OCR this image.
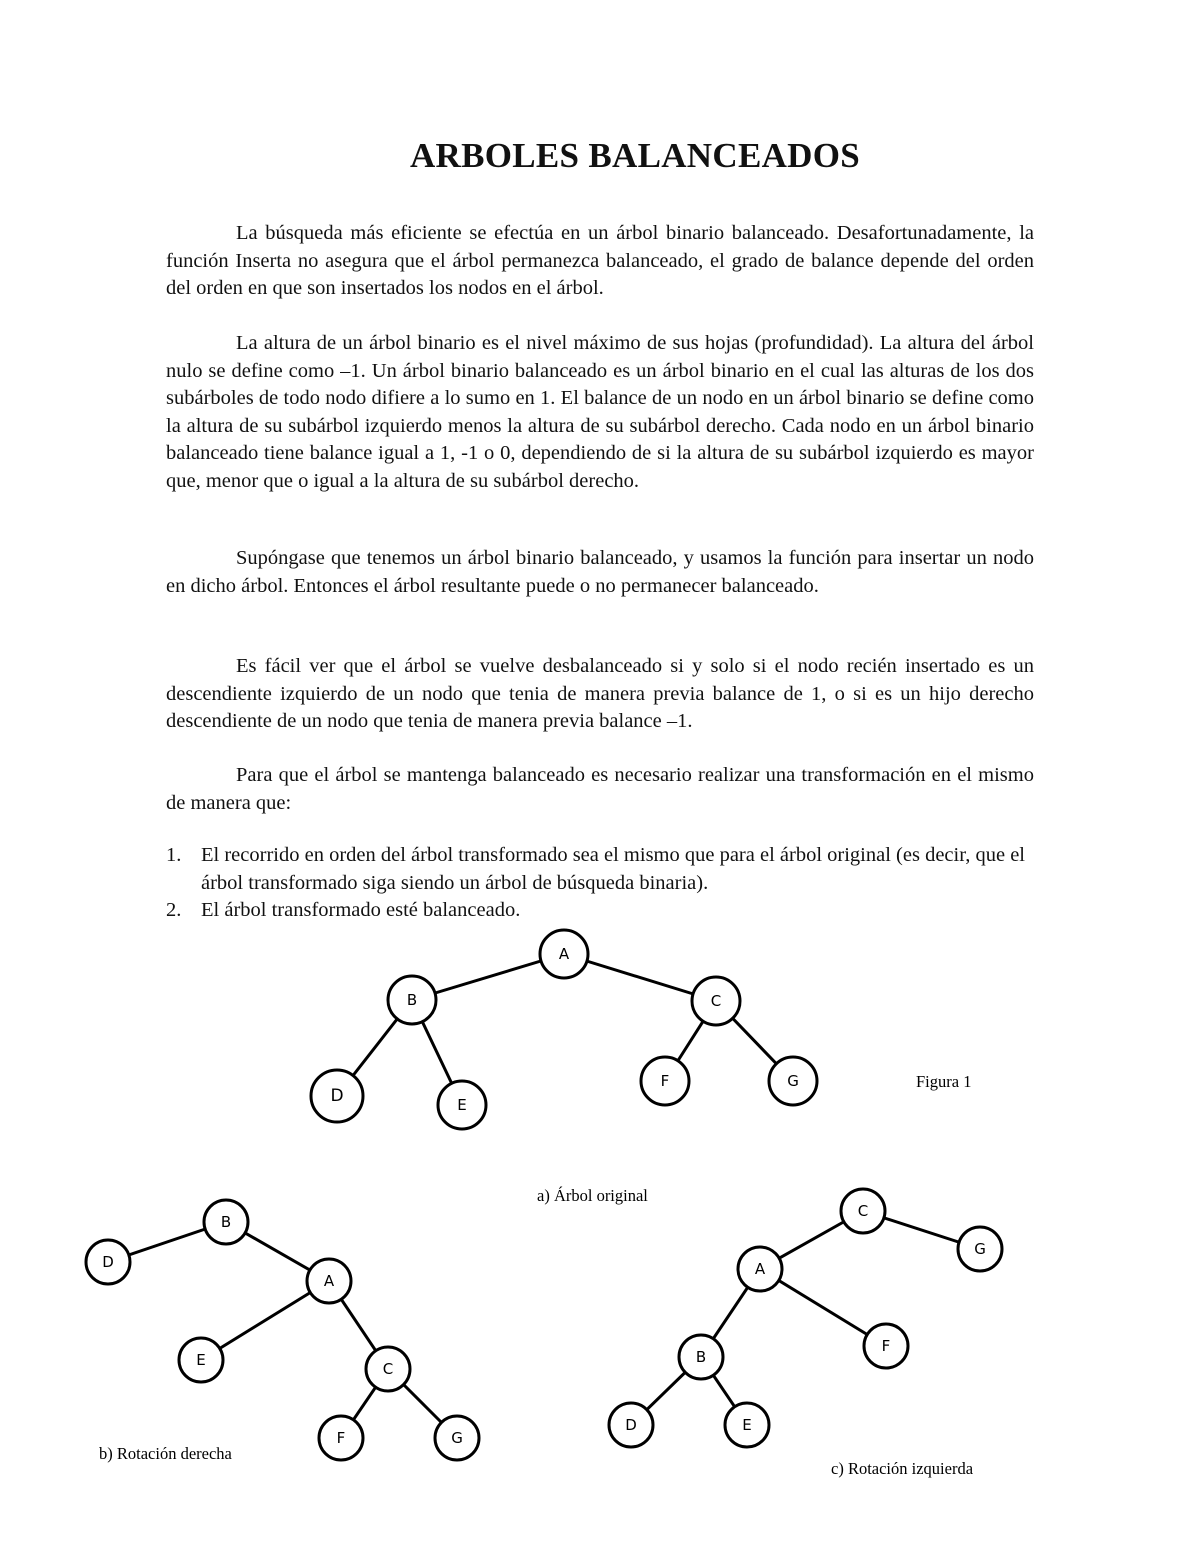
ARBOLES BALANCEADOS

La búsqueda más eficiente se efectúa en un árbol binario balanceado. Desafortunadamente, la función Inserta no asegura que el árbol permanezca balanceado, el grado de balance depende del orden del orden en que son insertados los nodos en el árbol.

La altura de un árbol binario es el nivel máximo de sus hojas (profundidad). La altura del árbol nulo se define como –1. Un árbol binario balanceado es un árbol binario en el cual las alturas de los dos subárboles de todo nodo difiere a lo sumo en 1. El balance de un nodo en un árbol binario se define como la altura de su subárbol izquierdo menos la altura de su subárbol derecho. Cada nodo en un árbol binario balanceado tiene balance igual a 1, -1 o 0, dependiendo de si la altura de su subárbol izquierdo es mayor que, menor que o igual a la altura de su subárbol derecho.

Supóngase que tenemos un árbol binario balanceado, y usamos la función para insertar un nodo en dicho árbol. Entonces el árbol resultante puede o no permanecer balanceado.

Es fácil ver que el árbol se vuelve desbalanceado si y solo si el nodo recién insertado es un descendiente izquierdo de un nodo que tenia de manera previa balance de 1, o si es un hijo derecho descendiente de un nodo que tenia de manera previa balance –1.

Para que el árbol se mantenga balanceado es necesario realizar una transformación en el mismo de manera que:

1. El recorrido en orden del árbol transformado sea el mismo que para el árbol original (es decir, que el árbol transformado siga siendo un árbol de búsqueda binaria).
2. El árbol transformado esté balanceado.
A
B	C
D	E
F	G	Figura 1
a) Árbol original
B
D
A
E	C
F	G
b) Rotación derecha
C
G
A
F
B
D	E
c) Rotación izquierda
